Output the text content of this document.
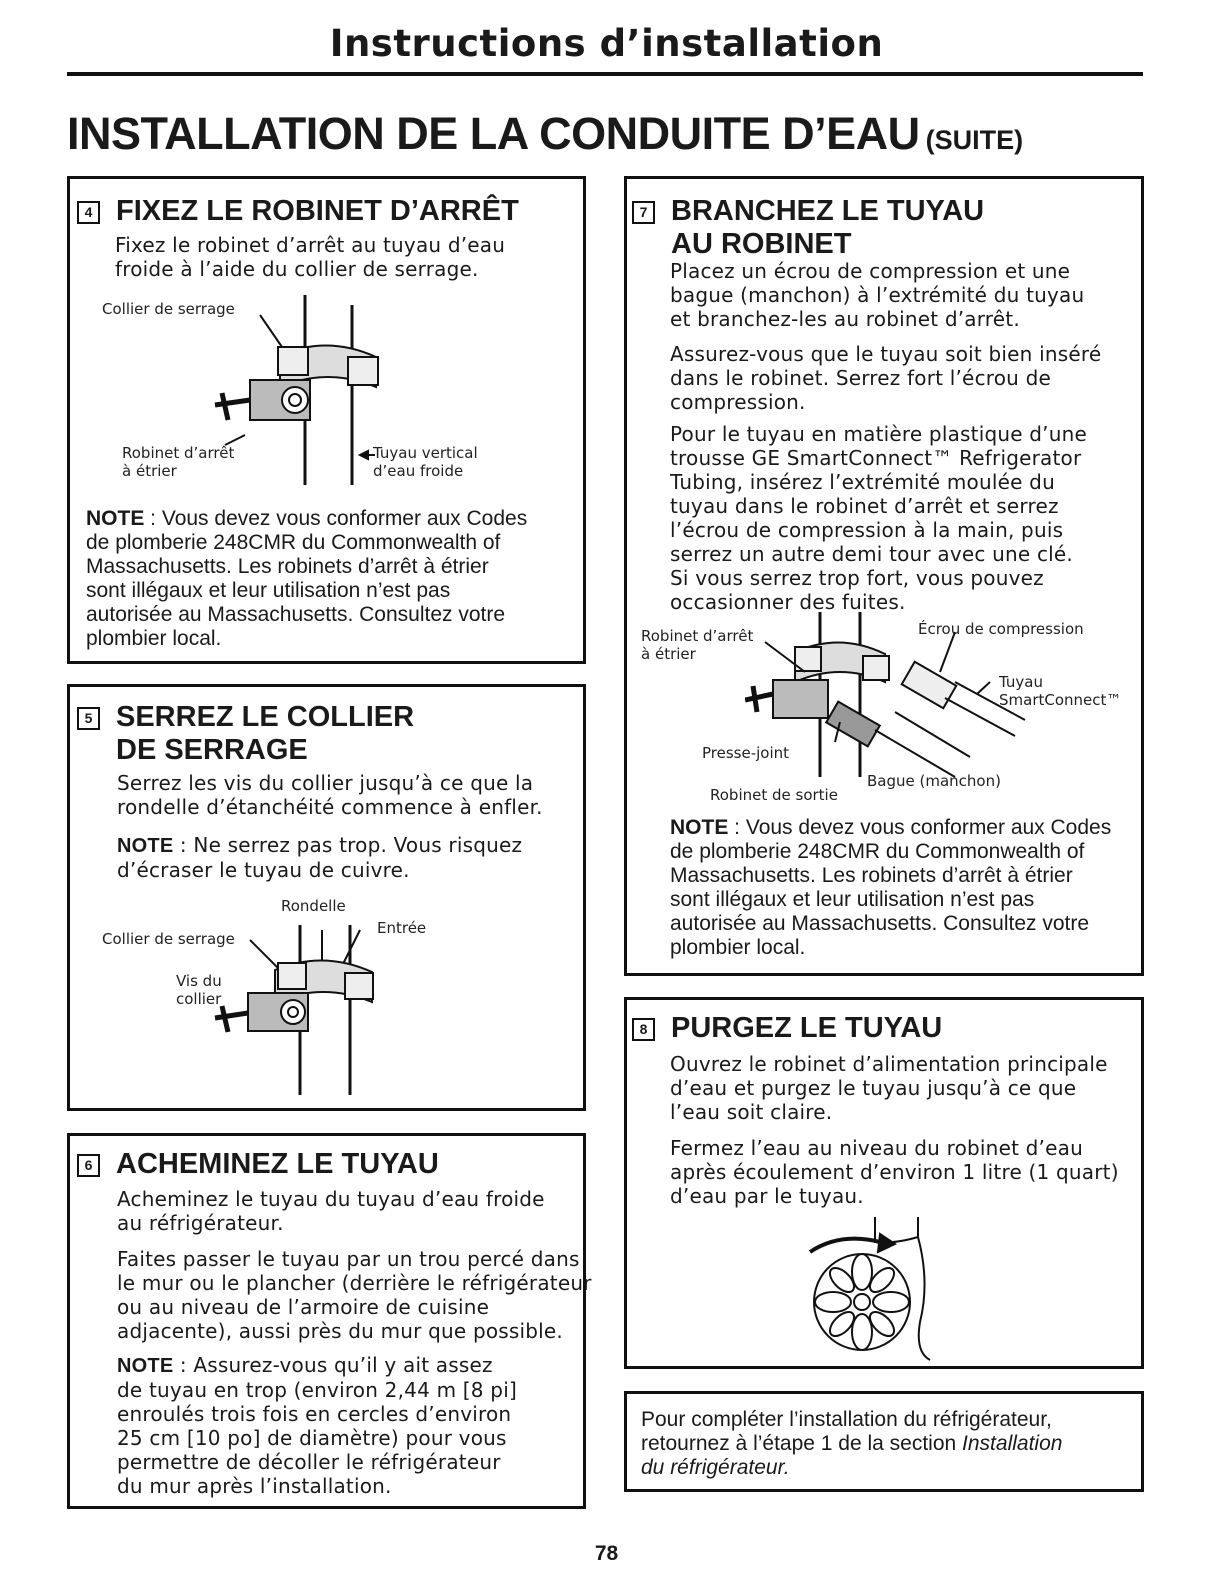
Instructions d’installation
INSTALLATION DE LA CONDUITE D’EAU (SUITE)
4 FIXEZ LE ROBINET D’ARRÊT
Fixez le robinet d’arrêt au tuyau d’eau
froide à l’aide du collier de serrage.
Collier de serrage
Robinet d’arrêt
à étrier
Tuyau vertical
d’eau froide
NOTE : Vous devez vous conformer aux Codes
de plomberie 248CMR du Commonwealth of
Massachusetts. Les robinets d’arrêt à étrier
sont illégaux et leur utilisation n’est pas
autorisée au Massachusetts. Consultez votre
plombier local.
5 SERREZ LE COLLIER
DE SERRAGE
Serrez les vis du collier jusqu’à ce que la
rondelle d’étanchéité commence à enfler.
NOTE : Ne serrez pas trop. Vous risquez
d’écraser le tuyau de cuivre.
Rondelle
Entrée
Collier de serrage
Vis du
collier
6 ACHEMINEZ LE TUYAU
Acheminez le tuyau du tuyau d’eau froide
au réfrigérateur.
Faites passer le tuyau par un trou percé dans
le mur ou le plancher (derrière le réfrigérateur
ou au niveau de l’armoire de cuisine
adjacente), aussi près du mur que possible.
NOTE : Assurez-vous qu’il y ait assez
de tuyau en trop (environ 2,44 m [8 pi]
enroulés trois fois en cercles d’environ
25 cm [10 po] de diamètre) pour vous
permettre de décoller le réfrigérateur
du mur après l’installation.
7 BRANCHEZ LE TUYAU
AU ROBINET
Placez un écrou de compression et une
bague (manchon) à l’extrémité du tuyau
et branchez-les au robinet d’arrêt.
Assurez-vous que le tuyau soit bien inséré
dans le robinet. Serrez fort l’écrou de
compression.
Pour le tuyau en matière plastique d’une
trousse GE SmartConnect™ Refrigerator
Tubing, insérez l’extrémité moulée du
tuyau dans le robinet d’arrêt et serrez
l’écrou de compression à la main, puis
serrez un autre demi tour avec une clé.
Si vous serrez trop fort, vous pouvez
occasionner des fuites.
Robinet d’arrêt
à étrier
Écrou de compression
Tuyau
SmartConnect™
Presse-joint
Robinet de sortie
Bague (manchon)
NOTE : Vous devez vous conformer aux Codes
de plomberie 248CMR du Commonwealth of
Massachusetts. Les robinets d’arrêt à étrier
sont illégaux et leur utilisation n’est pas
autorisée au Massachusetts. Consultez votre
plombier local.
8 PURGEZ LE TUYAU
Ouvrez le robinet d’alimentation principale
d’eau et purgez le tuyau jusqu’à ce que
l’eau soit claire.
Fermez l’eau au niveau du robinet d’eau
après écoulement d’environ 1 litre (1 quart)
d’eau par le tuyau.
Pour compléter l’installation du réfrigérateur,
retournez à l’étape 1 de la section Installation
du réfrigérateur.
78
